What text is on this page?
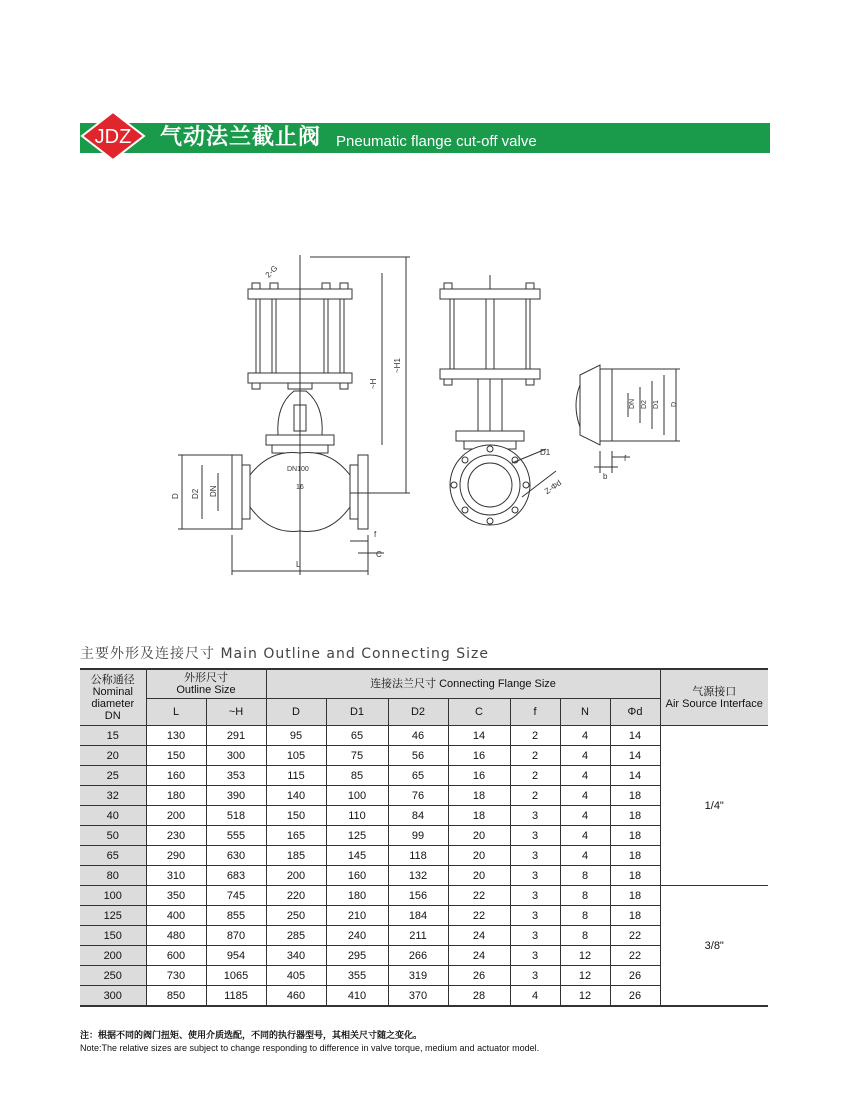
JDZ 气动法兰截止阀 Pneumatic flange cut-off valve
DN100
16
2-G
~H
~H1
D D2 DN
L
f
C
D1
Z-Φd
DN D2 D1 D
b
f
主要外形及连接尺寸 Main Outline and Connecting Size
公称通径
Nominal
diameter
DN	外形尺寸
Outline Size		连接法兰尺寸 Connecting Flange Size							气源接口
Air Source Interface
	L	~H	D	D1	D2	C	f	N	Φd	
15	130	291	95	65	46	14	2	4	14	1/4"
20	150	300	105	75	56	16	2	4	14	
25	160	353	115	85	65	16	2	4	14	
32	180	390	140	100	76	18	2	4	18	
40	200	518	150	110	84	18	3	4	18	
50	230	555	165	125	99	20	3	4	18	
65	290	630	185	145	118	20	3	4	18	
80	310	683	200	160	132	20	3	8	18	
100	350	745	220	180	156	22	3	8	18	3/8"
125	400	855	250	210	184	22	3	8	18	
150	480	870	285	240	211	24	3	8	22	
200	600	954	340	295	266	24	3	12	22	
250	730	1065	405	355	319	26	3	12	26	
300	850	1185	460	410	370	28	4	12	26	
注：根据不同的阀门扭矩、使用介质选配，不同的执行器型号，其相关尺寸随之变化。
Note:The relative sizes are subject to change responding to difference in valve torque, medium and actuator model.
